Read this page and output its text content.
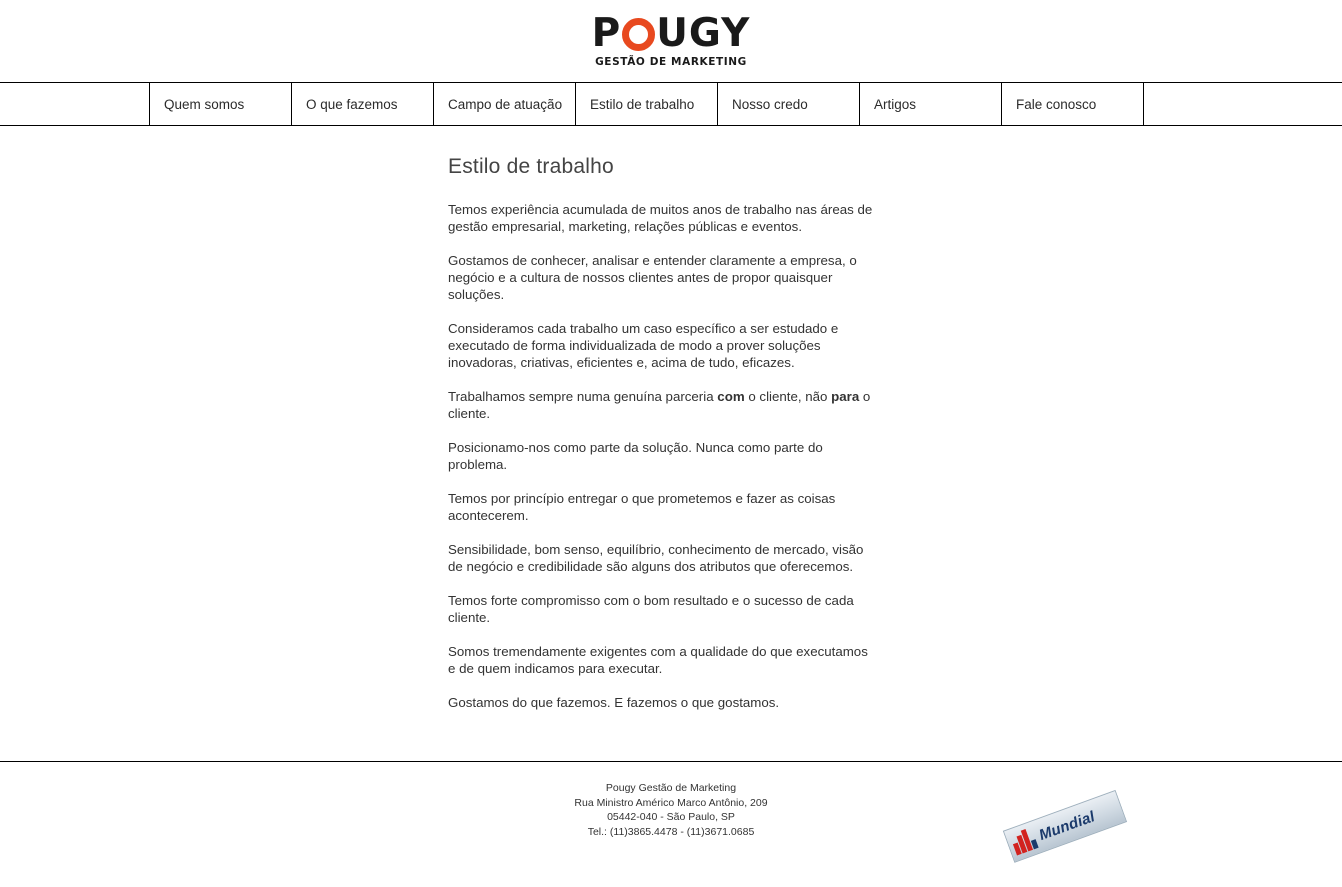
P UGY
GESTÃO DE MARKETING
Quem somos	O que fazemos	Campo de atuação	Estilo de trabalho	Nosso credo	Artigos	Fale conosco
Estilo de trabalho

Temos experiência acumulada de muitos anos de trabalho nas áreas de gestão empresarial, marketing, relações públicas e eventos.

Gostamos de conhecer, analisar e entender claramente a empresa, o negócio e a cultura de nossos clientes antes de propor quaisquer soluções.

Consideramos cada trabalho um caso específico a ser estudado e executado de forma individualizada de modo a prover soluções inovadoras, criativas, eficientes e, acima de tudo, eficazes.

Trabalhamos sempre numa genuína parceria com o cliente, não para o cliente.

Posicionamo-nos como parte da solução. Nunca como parte do problema.

Temos por princípio entregar o que prometemos e fazer as coisas acontecerem.

Sensibilidade, bom senso, equilíbrio, conhecimento de mercado, visão de negócio e credibilidade são alguns dos atributos que oferecemos.

Temos forte compromisso com o bom resultado e o sucesso de cada cliente.

Somos tremendamente exigentes com a qualidade do que executamos e de quem indicamos para executar.

Gostamos do que fazemos. E fazemos o que gostamos.

Pougy Gestão de Marketing
Rua Ministro Américo Marco Antônio, 209
05442-040 - São Paulo, SP
Tel.: (11)3865.4478 - (11)3671.0685	Mundial
